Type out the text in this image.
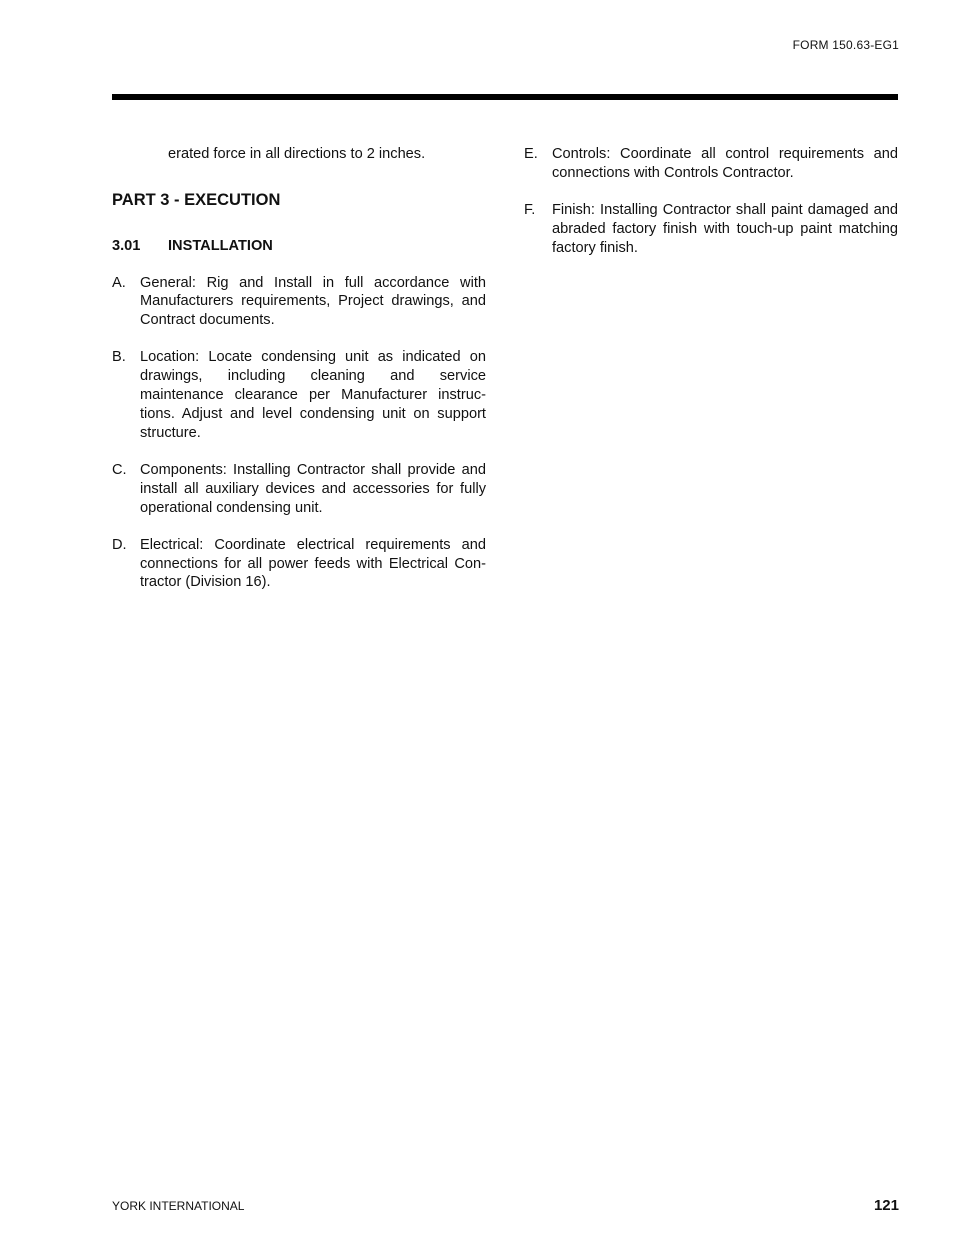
FORM 150.63-EG1

erated force in all directions to 2 inches.

PART 3 - EXECUTION
3.01	INSTALLATION
A. General: Rig and Install in full accordance with Manufacturers requirements, Project drawings, and Contract documents.
B. Location: Locate condensing unit as indicated on drawings, including cleaning and service maintenance clearance per Manufacturer instructions. Adjust and level condensing unit on support structure.
C. Components: Installing Contractor shall provide and install all auxiliary devices and accessories for fully operational condensing unit.
D. Electrical: Coordinate electrical requirements and connections for all power feeds with Electrical Contractor (Division 16).
E. Controls: Coordinate all control requirements and connections with Controls Contractor.
F.	Finish: Installing Contractor shall paint damaged and abraded factory finish with touch-up paint matching factory finish.
YORK INTERNATIONAL	121
